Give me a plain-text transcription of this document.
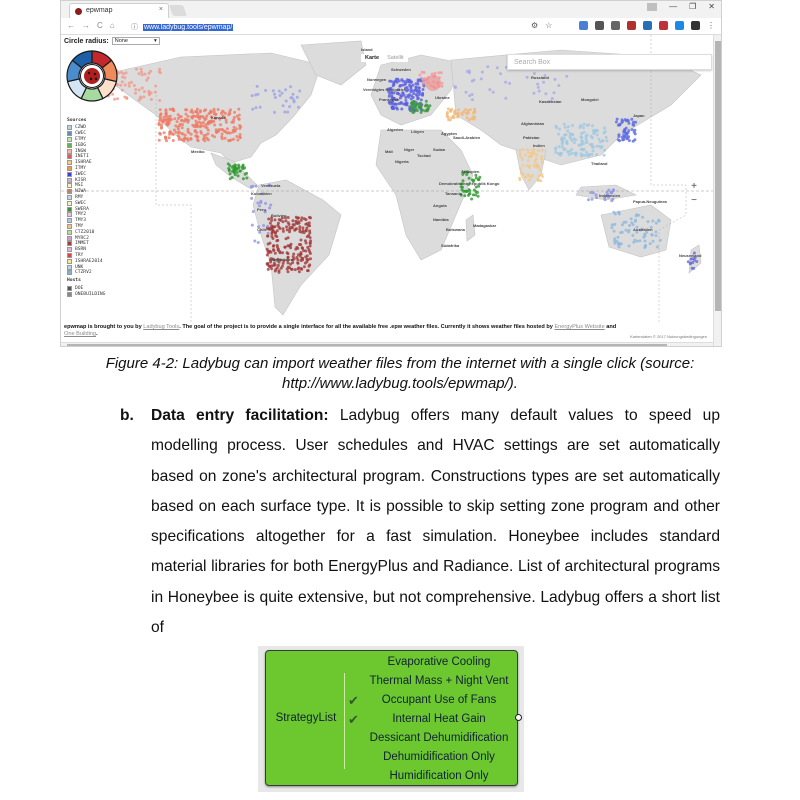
epwmap	×	— ❐ ✕
← → C ⌂	ⓘ www.ladybug.tools/epwmap/	⚙ ☆	⋮
Kanada
Mexiko
Venezuela
Kolumbien
Peru
Bolivien
Chile
Argentinien
Island
Schweden
Norwegen
Vereinigtes Königreich
Frankreich	Ukraine
Russland
Kasachstan	Mongolei
Algerien Libyen	Ägypten
Mali	Niger
Tschad
Sudan
Nigeria
Saudi-Arabien
Afghanistan
Pakistan
Indien
Thailand
Äthiopien
Demokratische Republik Kongo
Tansania
Angola
Namibia
Botswana
Südafrika
Madagaskar
Indonesien
Papua-Neuguinea
Australien
Neuseeland
Japan
Circle radius: None	▾
Karte Satellit
Search Box
+
−
Sources
CZWD
CWEC
ETMY
IGDG
INGW
INETI
ISHRAE
ITMY
IWEC
KISR
MSI
NIWA
RMY
SWEC
SWERA
TMY2
TMY3
TMY
CTZ2010
MYRC2
IMMET
BSRN
TRY
ISHRAE2014
UNK
CTZRV2
Hosts
DOE
ONEBUILDING
epwmap is brought to you by Ladybug Tools. The goal of the project is to provide a single interface for all the available free .epw weather files. Currently it shows weather files hosted by EnergyPlus Website and One Building.	Kartendaten © 2017 Nutzungsbedingungen
Figure 4-2: Ladybug can import weather files from the internet with a single click (source:
http://www.ladybug.tools/epwmap/).
b. Data entry facilitation: Ladybug offers many default values to speed up modelling process. User schedules and HVAC settings are set automatically based on zone's architectural program. Constructions types are set automatically based on each surface type. It is possible to skip setting zone program and other specifications altogether for a fast simulation. Honeybee includes standard material libraries for both EnergyPlus and Radiance. List of architectural programs in Honeybee is quite extensive, but not comprehensive. Ladybug offers a short list of
StrategyList
Evaporative Cooling
Thermal Mass + Night Vent
✔ Occupant Use of Fans
✔	Internal Heat Gain
Dessicant Dehumidification
Dehumidification Only
Humidification Only
